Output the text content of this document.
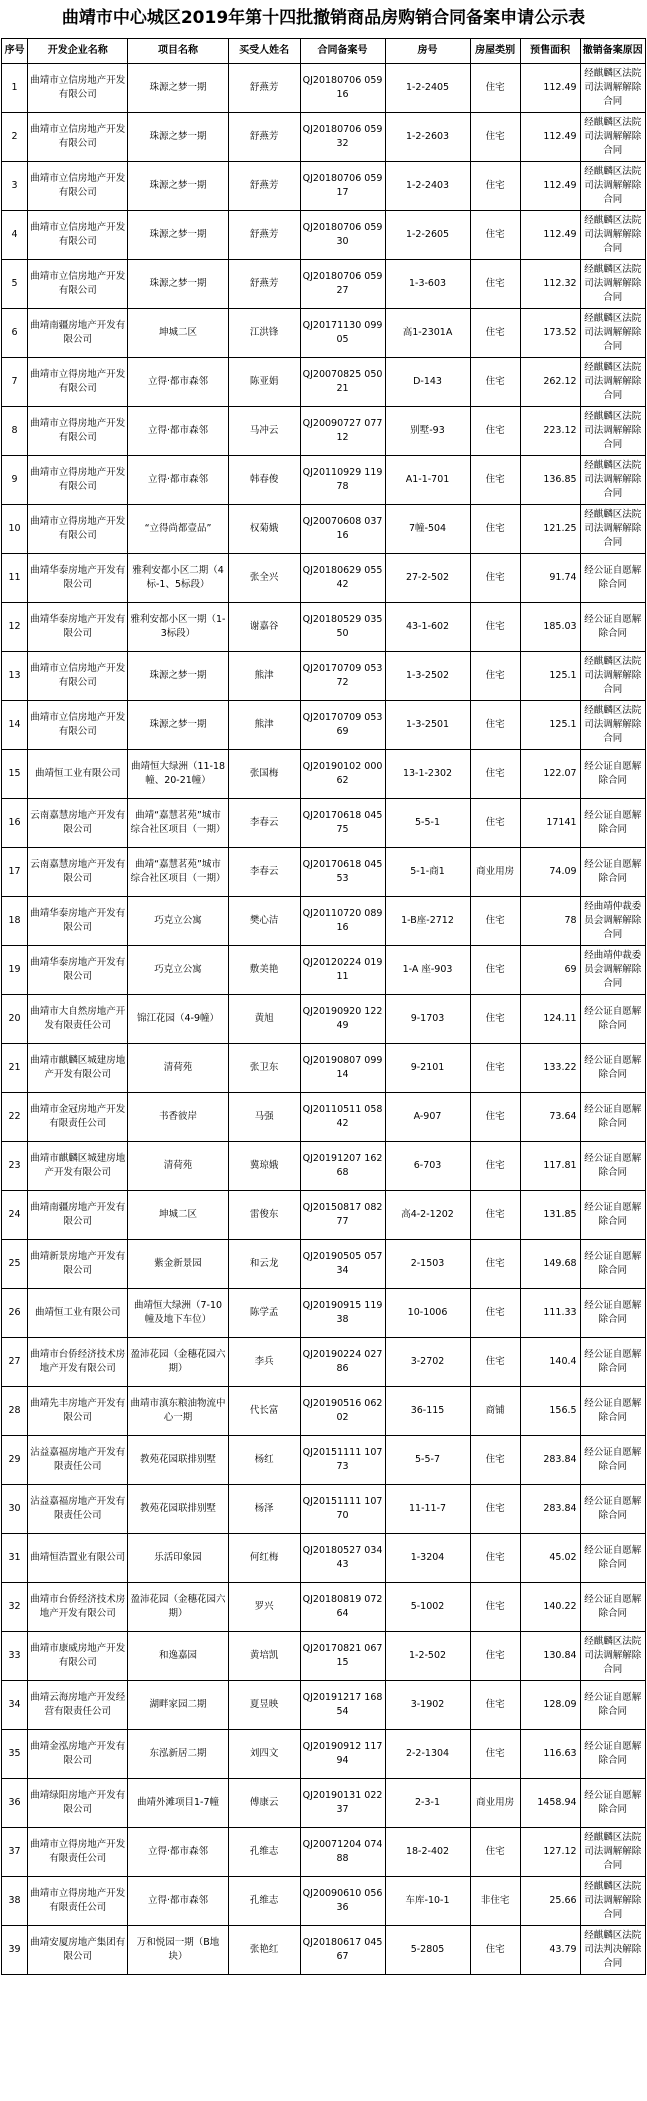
曲靖市中心城区2019年第十四批撤销商品房购销合同备案申请公示表
序号	开发企业名称	项目名称	买受人姓名	合同备案号	房号	房屋类别	预售面积	撤销备案原因
1	曲靖市立信房地产开发有限公司	珠源之梦一期	舒燕芳	QJ20180706 05916	1-2-2405	住宅	112.49	经麒麟区法院司法调解解除合同
2	曲靖市立信房地产开发有限公司	珠源之梦一期	舒燕芳	QJ20180706 05932	1-2-2603	住宅	112.49	经麒麟区法院司法调解解除合同
3	曲靖市立信房地产开发有限公司	珠源之梦一期	舒燕芳	QJ20180706 05917	1-2-2403	住宅	112.49	经麒麟区法院司法调解解除合同
4	曲靖市立信房地产开发有限公司	珠源之梦一期	舒燕芳	QJ20180706 05930	1-2-2605	住宅	112.49	经麒麟区法院司法调解解除合同
5	曲靖市立信房地产开发有限公司	珠源之梦一期	舒燕芳	QJ20180706 05927	1-3-603	住宅	112.32	经麒麟区法院司法调解解除合同
6	曲靖南疆房地产开发有限公司	坤城二区	江洪锋	QJ20171130 09905	高1-2301A	住宅	173.52	经麒麟区法院司法调解解除合同
7	曲靖市立得房地产开发有限公司	立得·都市森邻	陈亚娟	QJ20070825 05021	D-143	住宅	262.12	经麒麟区法院司法调解解除合同
8	曲靖市立得房地产开发有限公司	立得·都市森邻	马冲云	QJ20090727 07712	别墅-93	住宅	223.12	经麒麟区法院司法调解解除合同
9	曲靖市立得房地产开发有限公司	立得·都市森邻	韩春俊	QJ20110929 11978	A1-1-701	住宅	136.85	经麒麟区法院司法调解解除合同
10	曲靖市立得房地产开发有限公司	“立得尚都壹品”	权菊娥	QJ20070608 03716	7幢-504	住宅	121.25	经麒麟区法院司法调解解除合同
11	曲靖华泰房地产开发有限公司	雅利安都小区二期（4标-1、5标段）	张全兴	QJ20180629 05542	27-2-502	住宅	91.74	经公证自愿解除合同
12	曲靖华泰房地产开发有限公司	雅利安都小区一期（1-3标段）	谢嘉谷	QJ20180529 03550	43-1-602	住宅	185.03	经公证自愿解除合同
13	曲靖市立信房地产开发有限公司	珠源之梦一期	熊津	QJ20170709 05372	1-3-2502	住宅	125.1	经麒麟区法院司法调解解除合同
14	曲靖市立信房地产开发有限公司	珠源之梦一期	熊津	QJ20170709 05369	1-3-2501	住宅	125.1	经麒麟区法院司法调解解除合同
15	曲靖恒工业有限公司	曲靖恒大绿洲（11-18幢、20-21幢）	张国梅	QJ20190102 00062	13-1-2302	住宅	122.07	经公证自愿解除合同
16	云南嘉慧房地产开发有限公司	曲靖“嘉慧茗苑”城市综合社区项目（一期）	李春云	QJ20170618 04575	5-5-1	住宅	17141	经公证自愿解除合同
17	云南嘉慧房地产开发有限公司	曲靖“嘉慧茗苑”城市综合社区项目（一期）	李春云	QJ20170618 04553	5-1-商1	商业用房	74.09	经公证自愿解除合同
18	曲靖华泰房地产开发有限公司	巧克立公寓	樊心洁	QJ20110720 08916	1-B座-2712	住宅	78	经曲靖仲裁委员会调解解除合同
19	曲靖华泰房地产开发有限公司	巧克立公寓	敷美艳	QJ20120224 01911	1-A 座-903	住宅	69	经曲靖仲裁委员会调解解除合同
20	曲靖市大自然房地产开发有限责任公司	锦江花园（4-9幢）	黄旭	QJ20190920 12249	9-1703	住宅	124.11	经公证自愿解除合同
21	曲靖市麒麟区城建房地产开发有限公司	清荷苑	张卫东	QJ20190807 09914	9-2101	住宅	133.22	经公证自愿解除合同
22	曲靖市金冠房地产开发有限责任公司	书香彼岸	马强	QJ20110511 05842	A-907	住宅	73.64	经公证自愿解除合同
23	曲靖市麒麟区城建房地产开发有限公司	清荷苑	冀琼娥	QJ20191207 16268	6-703	住宅	117.81	经公证自愿解除合同
24	曲靖南疆房地产开发有限公司	坤城二区	雷俊东	QJ20150817 08277	高4-2-1202	住宅	131.85	经公证自愿解除合同
25	曲靖新景房地产开发有限公司	紫金新景园	和云龙	QJ20190505 05734	2-1503	住宅	149.68	经公证自愿解除合同
26	曲靖恒工业有限公司	曲靖恒大绿洲（7-10幢及地下车位）	陈学孟	QJ20190915 11938	10-1006	住宅	111.33	经公证自愿解除合同
27	曲靖市台侨经济技术房地产开发有限公司	盈沛花园（金穗花园六期）	李兵	QJ20190224 02786	3-2702	住宅	140.4	经公证自愿解除合同
28	曲靖先丰房地产开发有限公司	曲靖市滇东粮油物流中心一期	代长富	QJ20190516 06202	36-115	商铺	156.5	经公证自愿解除合同
29	沾益嘉福房地产开发有限责任公司	教苑花园联排别墅	杨红	QJ20151111 10773	5-5-7	住宅	283.84	经公证自愿解除合同
30	沾益嘉福房地产开发有限责任公司	教苑花园联排别墅	杨泽	QJ20151111 10770	11-11-7	住宅	283.84	经公证自愿解除合同
31	曲靖恒浩置业有限公司	乐活印象园	何红梅	QJ20180527 03443	1-3204	住宅	45.02	经公证自愿解除合同
32	曲靖市台侨经济技术房地产开发有限公司	盈沛花园（金穗花园六期）	罗兴	QJ20180819 07264	5-1002	住宅	140.22	经公证自愿解除合同
33	曲靖市康威房地产开发有限公司	和逸嘉园	黄培凯	QJ20170821 06715	1-2-502	住宅	130.84	经麒麟区法院司法调解解除合同
34	曲靖云海房地产开发经营有限责任公司	湖畔家园二期	夏昱映	QJ20191217 16854	3-1902	住宅	128.09	经公证自愿解除合同
35	曲靖金泓房地产开发有限公司	东泓新居二期	刘四文	QJ20190912 11794	2-2-1304	住宅	116.63	经公证自愿解除合同
36	曲靖绿阳房地产开发有限公司	曲靖外滩项目1-7幢	傅康云	QJ20190131 02237	2-3-1	商业用房	1458.94	经公证自愿解除合同
37	曲靖市立得房地产开发有限责任公司	立得·都市森邻	孔维志	QJ20071204 07488	18-2-402	住宅	127.12	经麒麟区法院司法调解解除合同
38	曲靖市立得房地产开发有限责任公司	立得·都市森邻	孔维志	QJ20090610 05636	车库-10-1	非住宅	25.66	经麒麟区法院司法调解解除合同
39	曲靖安厦房地产集团有限公司	万和悦园一期（B地块）	张艳红	QJ20180617 04567	5-2805	住宅	43.79	经麒麟区法院司法判决解除合同
